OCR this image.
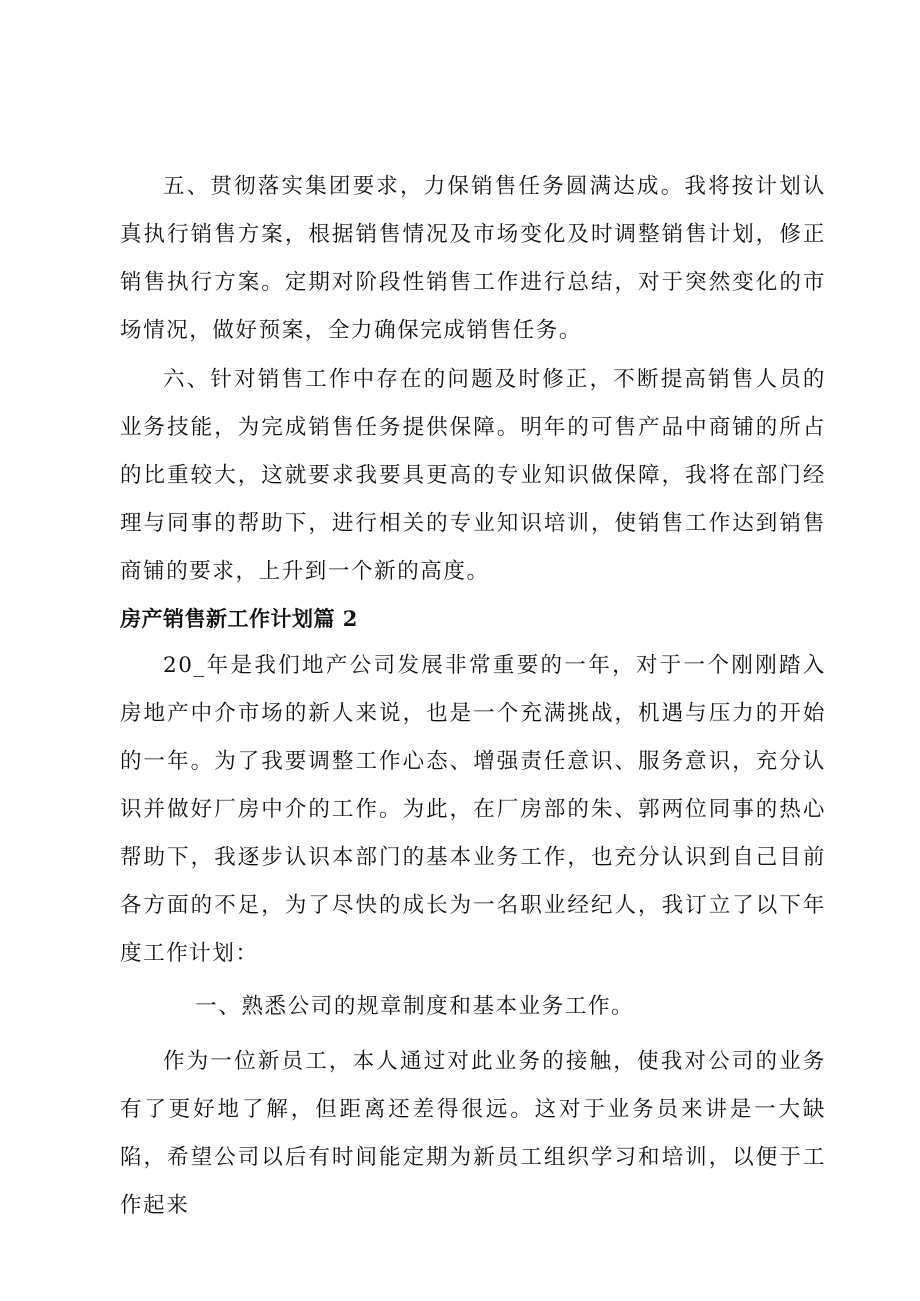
五、贯彻落实集团要求，力保销售任务圆满达成。我将按计划认真执行销售方案，根据销售情况及市场变化及时调整销售计划，修正销售执行方案。定期对阶段性销售工作进行总结，对于突然变化的市场情况，做好预案，全力确保完成销售任务。

六、针对销售工作中存在的问题及时修正，不断提高销售人员的业务技能，为完成销售任务提供保障。明年的可售产品中商铺的所占的比重较大，这就要求我要具更高的专业知识做保障，我将在部门经理与同事的帮助下，进行相关的专业知识培训，使销售工作达到销售商铺的要求，上升到一个新的高度。

房产销售新工作计划篇 2

20_年是我们地产公司发展非常重要的一年，对于一个刚刚踏入房地产中介市场的新人来说，也是一个充满挑战，机遇与压力的开始的一年。为了我要调整工作心态、增强责任意识、服务意识，充分认识并做好厂房中介的工作。为此，在厂房部的朱、郭两位同事的热心帮助下，我逐步认识本部门的基本业务工作，也充分认识到自己目前各方面的不足，为了尽快的成长为一名职业经纪人，我订立了以下年度工作计划：

一、熟悉公司的规章制度和基本业务工作。

作为一位新员工，本人通过对此业务的接触，使我对公司的业务有了更好地了解，但距离还差得很远。这对于业务员来讲是一大缺陷，希望公司以后有时间能定期为新员工组织学习和培训，以便于工作起来
